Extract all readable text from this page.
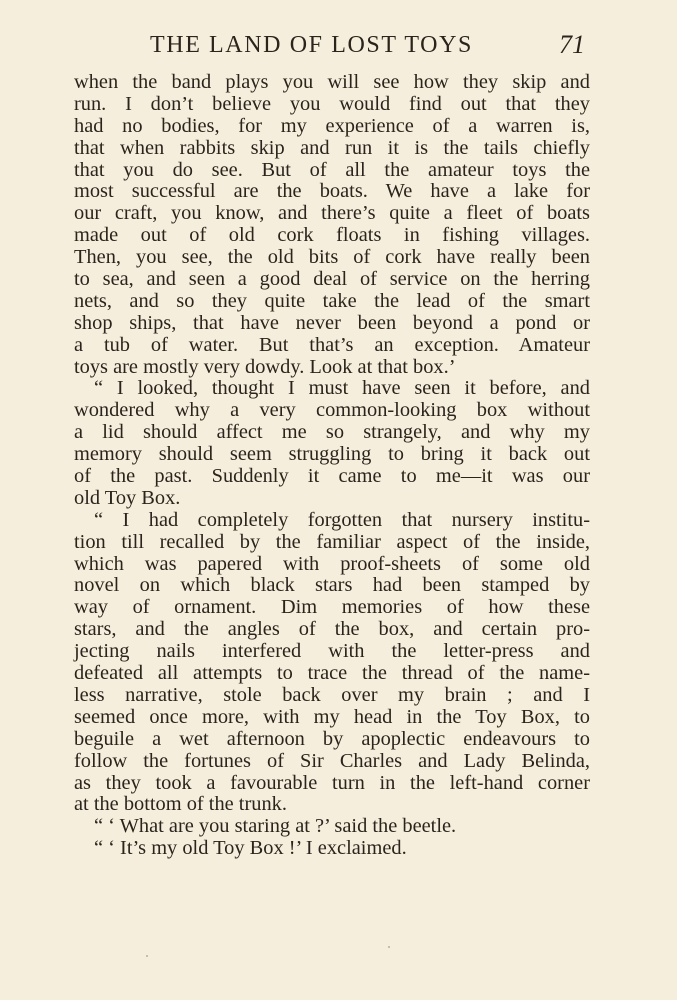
THE LAND OF LOST TOYS	71
when the band plays you will see how they skip and
run. I don’t believe you would find out that they
had no bodies, for my experience of a warren is,
that when rabbits skip and run it is the tails chiefly
that you do see. But of all the amateur toys the
most successful are the boats. We have a lake for
our craft, you know, and there’s quite a fleet of boats
made out of old cork floats in fishing villages.
Then, you see, the old bits of cork have really been
to sea, and seen a good deal of service on the herring
nets, and so they quite take the lead of the smart
shop ships, that have never been beyond a pond or
a tub of water. But that’s an exception. Amateur
toys are mostly very dowdy. Look at that box.’
“ I looked, thought I must have seen it before, and
wondered why a very common-looking box without
a lid should affect me so strangely, and why my
memory should seem struggling to bring it back out
of the past. Suddenly it came to me—it was our
old Toy Box.
“ I had completely forgotten that nursery institu-
tion till recalled by the familiar aspect of the inside,
which was papered with proof-sheets of some old
novel on which black stars had been stamped by
way of ornament. Dim memories of how these
stars, and the angles of the box, and certain pro-
jecting nails interfered with the letter-press and
defeated all attempts to trace the thread of the name-
less narrative, stole back over my brain ; and I
seemed once more, with my head in the Toy Box, to
beguile a wet afternoon by apoplectic endeavours to
follow the fortunes of Sir Charles and Lady Belinda,
as they took a favourable turn in the left-hand corner
at the bottom of the trunk.
“ ‘ What are you staring at ?’ said the beetle.
“ ‘ It’s my old Toy Box !’ I exclaimed.
